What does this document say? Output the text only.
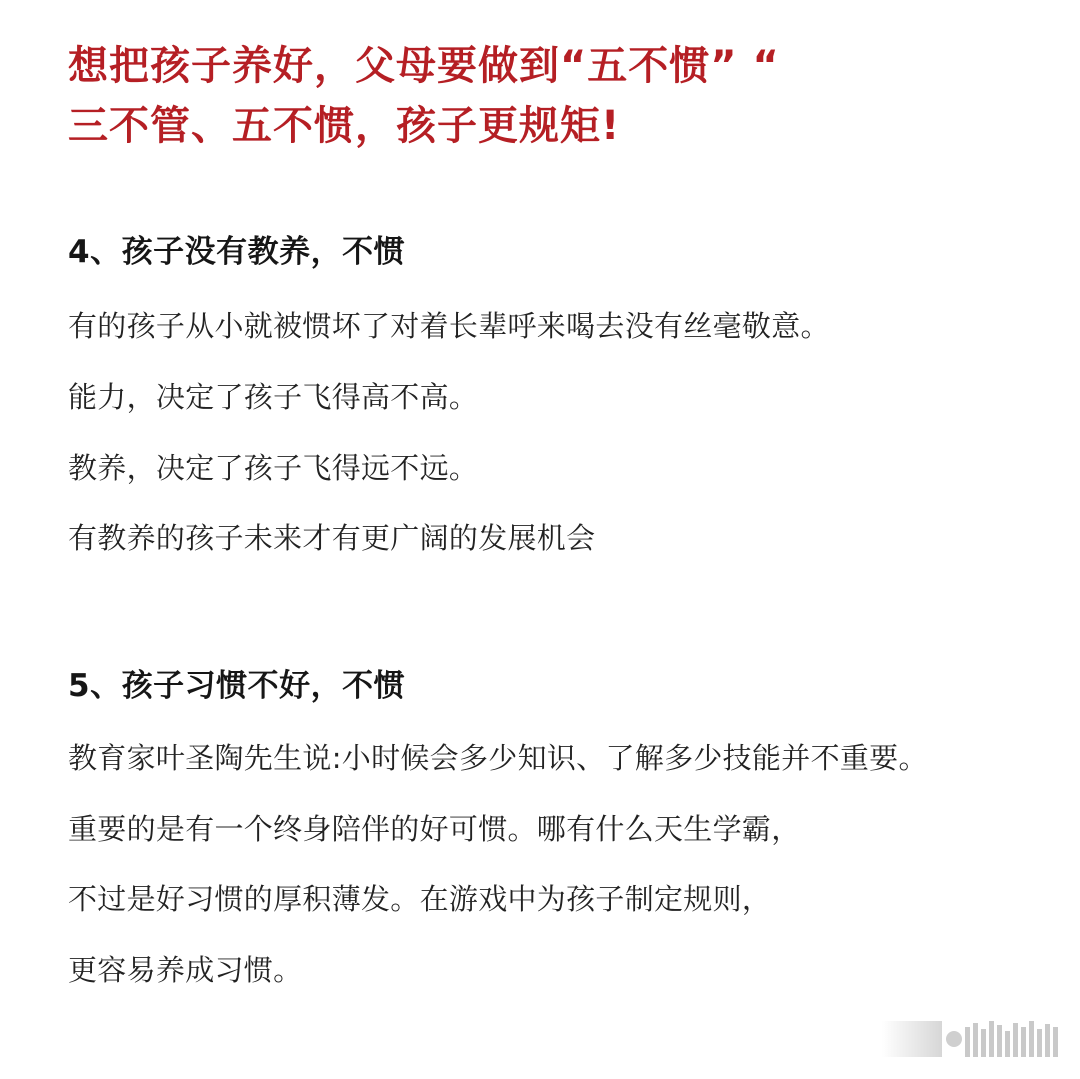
想把孩子养好，父母要做到“五不惯” “
三不管、五不惯，孩子更规矩!
4、孩子没有教养，不惯
有的孩子从小就被惯坏了对着长辈呼来喝去没有丝毫敬意。
能力，决定了孩子飞得高不高。
教养，决定了孩子飞得远不远。
有教养的孩子未来才有更广阔的发展机会
5、孩子习惯不好，不惯
教育家叶圣陶先生说:小时候会多少知识、了解多少技能并不重要。
重要的是有一个终身陪伴的好可惯。哪有什么天生学霸，
不过是好习惯的厚积薄发。在游戏中为孩子制定规则，
更容易养成习惯。
